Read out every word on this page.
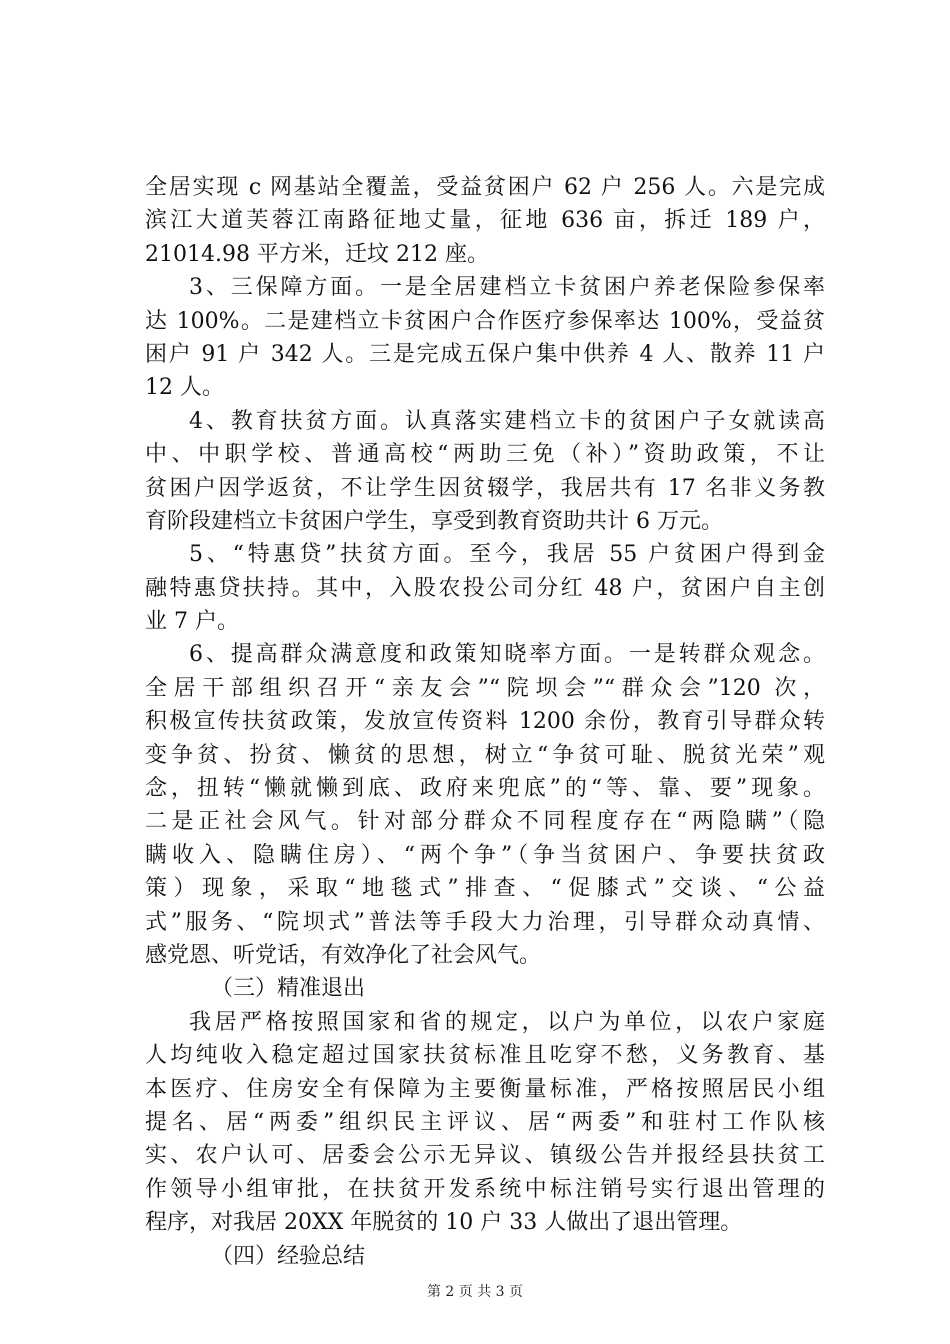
全居实现 c 网基站全覆盖，受益贫困户 62 户 256 人。六是完成
滨江大道芙蓉江南路征地丈量，征地 636 亩，拆迁 189 户，
21014.98 平方米，迁坟 212 座。
3、三保障方面。一是全居建档立卡贫困户养老保险参保率
达 100%。二是建档立卡贫困户合作医疗参保率达 100%，受益贫
困户 91 户 342 人。三是完成五保户集中供养 4 人、散养 11 户
12 人。
4、教育扶贫方面。认真落实建档立卡的贫困户子女就读高
中、中职学校、普通高校“两助三免（补）”资助政策，不让
贫困户因学返贫，不让学生因贫辍学，我居共有 17 名非义务教
育阶段建档立卡贫困户学生，享受到教育资助共计 6 万元。
5、“特惠贷”扶贫方面。至今，我居 55 户贫困户得到金
融特惠贷扶持。其中，入股农投公司分红 48 户，贫困户自主创
业 7 户。
6、提高群众满意度和政策知晓率方面。一是转群众观念。
全居干部组织召开“亲友会”“院坝会”“群众会”120 次，
积极宣传扶贫政策，发放宣传资料 1200 余份，教育引导群众转
变争贫、扮贫、懒贫的思想，树立“争贫可耻、脱贫光荣”观
念，扭转“懒就懒到底、政府来兜底”的“等、靠、要”现象。
二是正社会风气。针对部分群众不同程度存在“两隐瞒”（隐
瞒收入、隐瞒住房）、“两个争”（争当贫困户、争要扶贫政
策）现象，采取“地毯式”排查、“促膝式”交谈、“公益
式”服务、“院坝式”普法等手段大力治理，引导群众动真情、
感党恩、听党话，有效净化了社会风气。
（三）精准退出
我居严格按照国家和省的规定，以户为单位，以农户家庭
人均纯收入稳定超过国家扶贫标准且吃穿不愁，义务教育、基
本医疗、住房安全有保障为主要衡量标准，严格按照居民小组
提名、居“两委”组织民主评议、居“两委”和驻村工作队核
实、农户认可、居委会公示无异议、镇级公告并报经县扶贫工
作领导小组审批，在扶贫开发系统中标注销号实行退出管理的
程序，对我居 20XX 年脱贫的 10 户 33 人做出了退出管理。
（四）经验总结
第 2 页 共 3 页
